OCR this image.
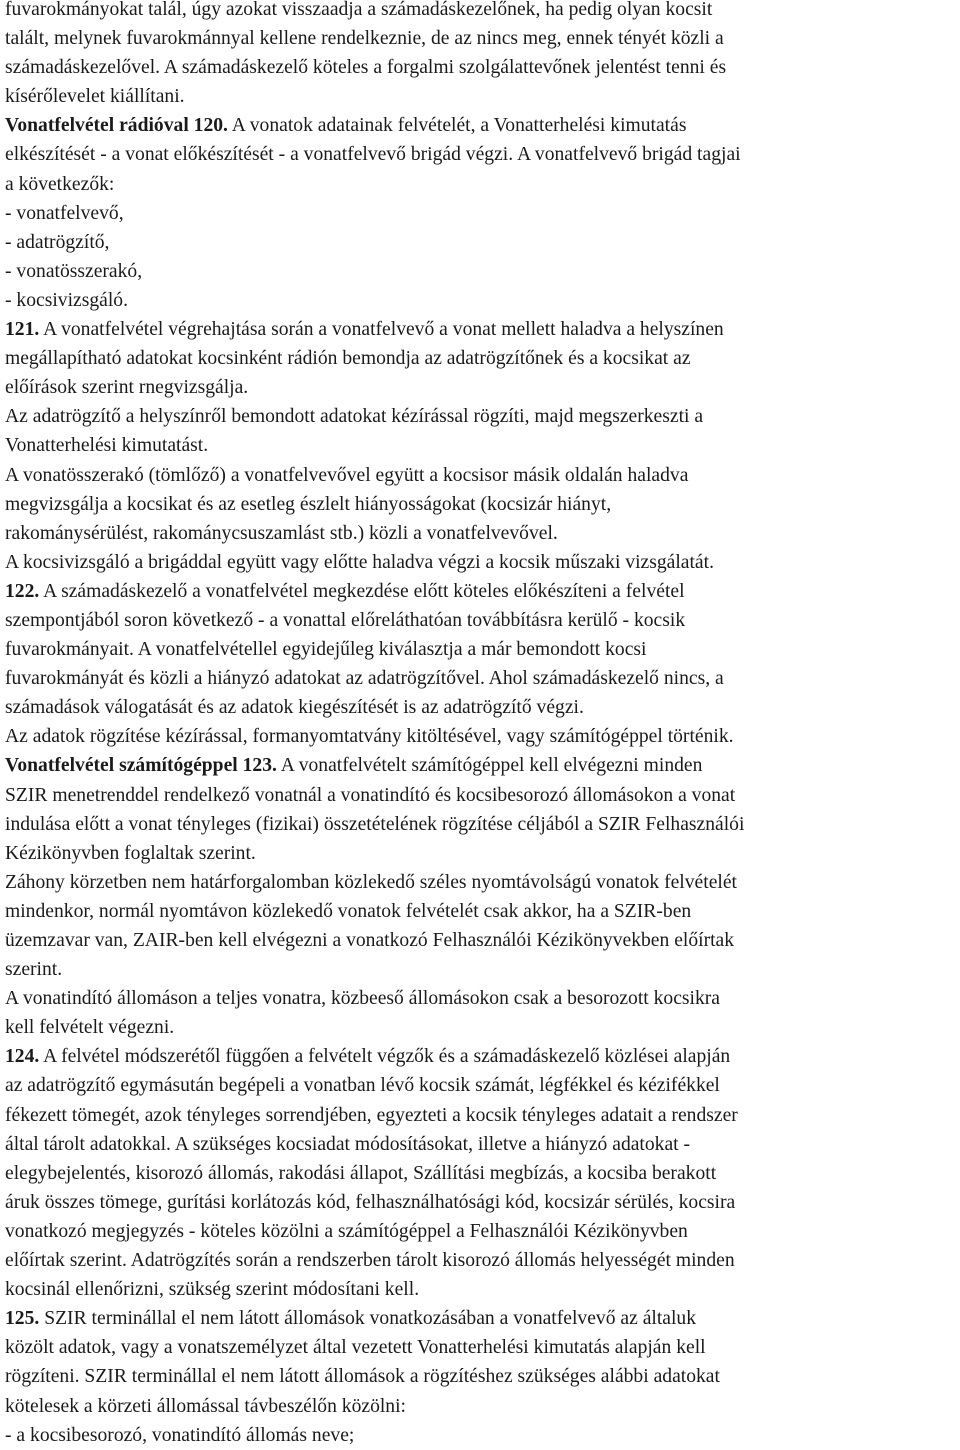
fuvarokmányokat talál, úgy azokat visszaadja a számadáskezelőnek, ha pedig olyan kocsit

talált, melynek fuvarokmánnyal kellene rendelkeznie, de az nincs meg, ennek tényét közli a

számadáskezelővel. A számadáskezelő köteles a forgalmi szolgálattevőnek jelentést tenni és

kísérőlevelet kiállítani.

Vonatfelvétel rádióval 120. A vonatok adatainak felvételét, a Vonatterhelési kimutatás

elkészítését - a vonat előkészítését - a vonatfelvevő brigád végzi. A vonatfelvevő brigád tagjai

a következők:

- vonatfelvevő,

- adatrögzítő,

- vonatösszerakó,

- kocsivizsgáló.

121. A vonatfelvétel végrehajtása során a vonatfelvevő a vonat mellett haladva a helyszínen

megállapítható adatokat kocsinként rádión bemondja az adatrögzítőnek és a kocsikat az

előírások szerint rnegvizsgálja.

Az adatrögzítő a helyszínről bemondott adatokat kézírással rögzíti, majd megszerkeszti a

Vonatterhelési kimutatást.

A vonatösszerakó (tömlőző) a vonatfelvevővel együtt a kocsisor másik oldalán haladva

megvizsgálja a kocsikat és az esetleg észlelt hiányosságokat (kocsizár hiányt,

rakománysérülést, rakománycsuszamlást stb.) közli a vonatfelvevővel.

A kocsivizsgáló a brigáddal együtt vagy előtte haladva végzi a kocsik műszaki vizsgálatát.

122. A számadáskezelő a vonatfelvétel megkezdése előtt köteles előkészíteni a felvétel

szempontjából soron következő - a vonattal előreláthatóan továbbításra kerülő - kocsik

fuvarokmányait. A vonatfelvétellel egyidejűleg kiválasztja a már bemondott kocsi

fuvarokmányát és közli a hiányzó adatokat az adatrögzítővel. Ahol számadáskezelő nincs, a

számadások válogatását és az adatok kiegészítését is az adatrögzítő végzi.

Az adatok rögzítése kézírással, formanyomtatvány kitöltésével, vagy számítógéppel történik.

Vonatfelvétel számítógéppel 123. A vonatfelvételt számítógéppel kell elvégezni minden

SZIR menetrenddel rendelkező vonatnál a vonatindító és kocsibesorozó állomásokon a vonat

indulása előtt a vonat tényleges (fizikai) összetételének rögzítése céljából a SZIR Felhasználói

Kézikönyvben foglaltak szerint.

Záhony körzetben nem határforgalomban közlekedő széles nyomtávolságú vonatok felvételét

mindenkor, normál nyomtávon közlekedő vonatok felvételét csak akkor, ha a SZIR-ben

üzemzavar van, ZAIR-ben kell elvégezni a vonatkozó Felhasználói Kézikönyvekben előírtak

szerint.

A vonatindító állomáson a teljes vonatra, közbeeső állomásokon csak a besorozott kocsikra

kell felvételt végezni.

124. A felvétel módszerétől függően a felvételt végzők és a számadáskezelő közlései alapján

az adatrögzítő egymásután begépeli a vonatban lévő kocsik számát, légfékkel és kézifékkel

fékezett tömegét, azok tényleges sorrendjében, egyezteti a kocsik tényleges adatait a rendszer

által tárolt adatokkal. A szükséges kocsiadat módosításokat, illetve a hiányzó adatokat -

elegybejelentés, kisorozó állomás, rakodási állapot, Szállítási megbízás, a kocsiba berakott

áruk összes tömege, gurítási korlátozás kód, felhasználhatósági kód, kocsizár sérülés, kocsira

vonatkozó megjegyzés - köteles közölni a számítógéppel a Felhasználói Kézikönyvben

előírtak szerint. Adatrögzítés során a rendszerben tárolt kisorozó állomás helyességét minden

kocsinál ellenőrizni, szükség szerint módosítani kell.

125. SZIR terminállal el nem látott állomások vonatkozásában a vonatfelvevő az általuk

közölt adatok, vagy a vonatszemélyzet által vezetett Vonatterhelési kimutatás alapján kell

rögzíteni. SZIR terminállal el nem látott állomások a rögzítéshez szükséges alábbi adatokat

kötelesek a körzeti állomással távbeszélőn közölni:

- a kocsibesorozó, vonatindító állomás neve;
